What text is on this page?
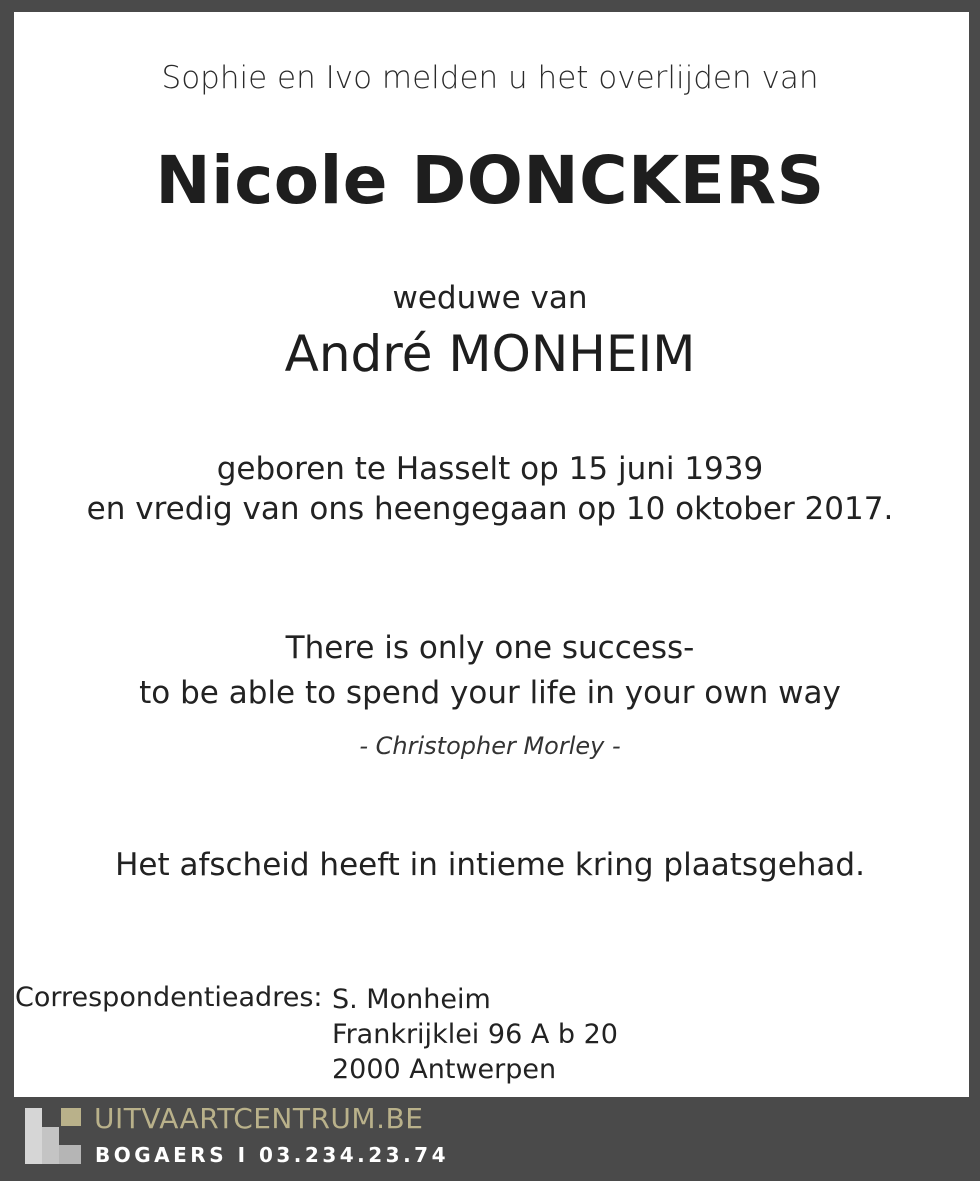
Sophie en Ivo melden u het overlijden van
Nicole DONCKERS
weduwe van
André MONHEIM
geboren te Hasselt op 15 juni 1939
en vredig van ons heengegaan op 10 oktober 2017.
There is only one success-
to be able to spend your life in your own way
- Christopher Morley -
Het afscheid heeft in intieme kring plaatsgehad.
Correspondentieadres: S. Monheim
Frankrijklei 96 A b 20
2000 Antwerpen
UITVAARTCENTRUM.BE
BOGAERS I 03.234.23.74
